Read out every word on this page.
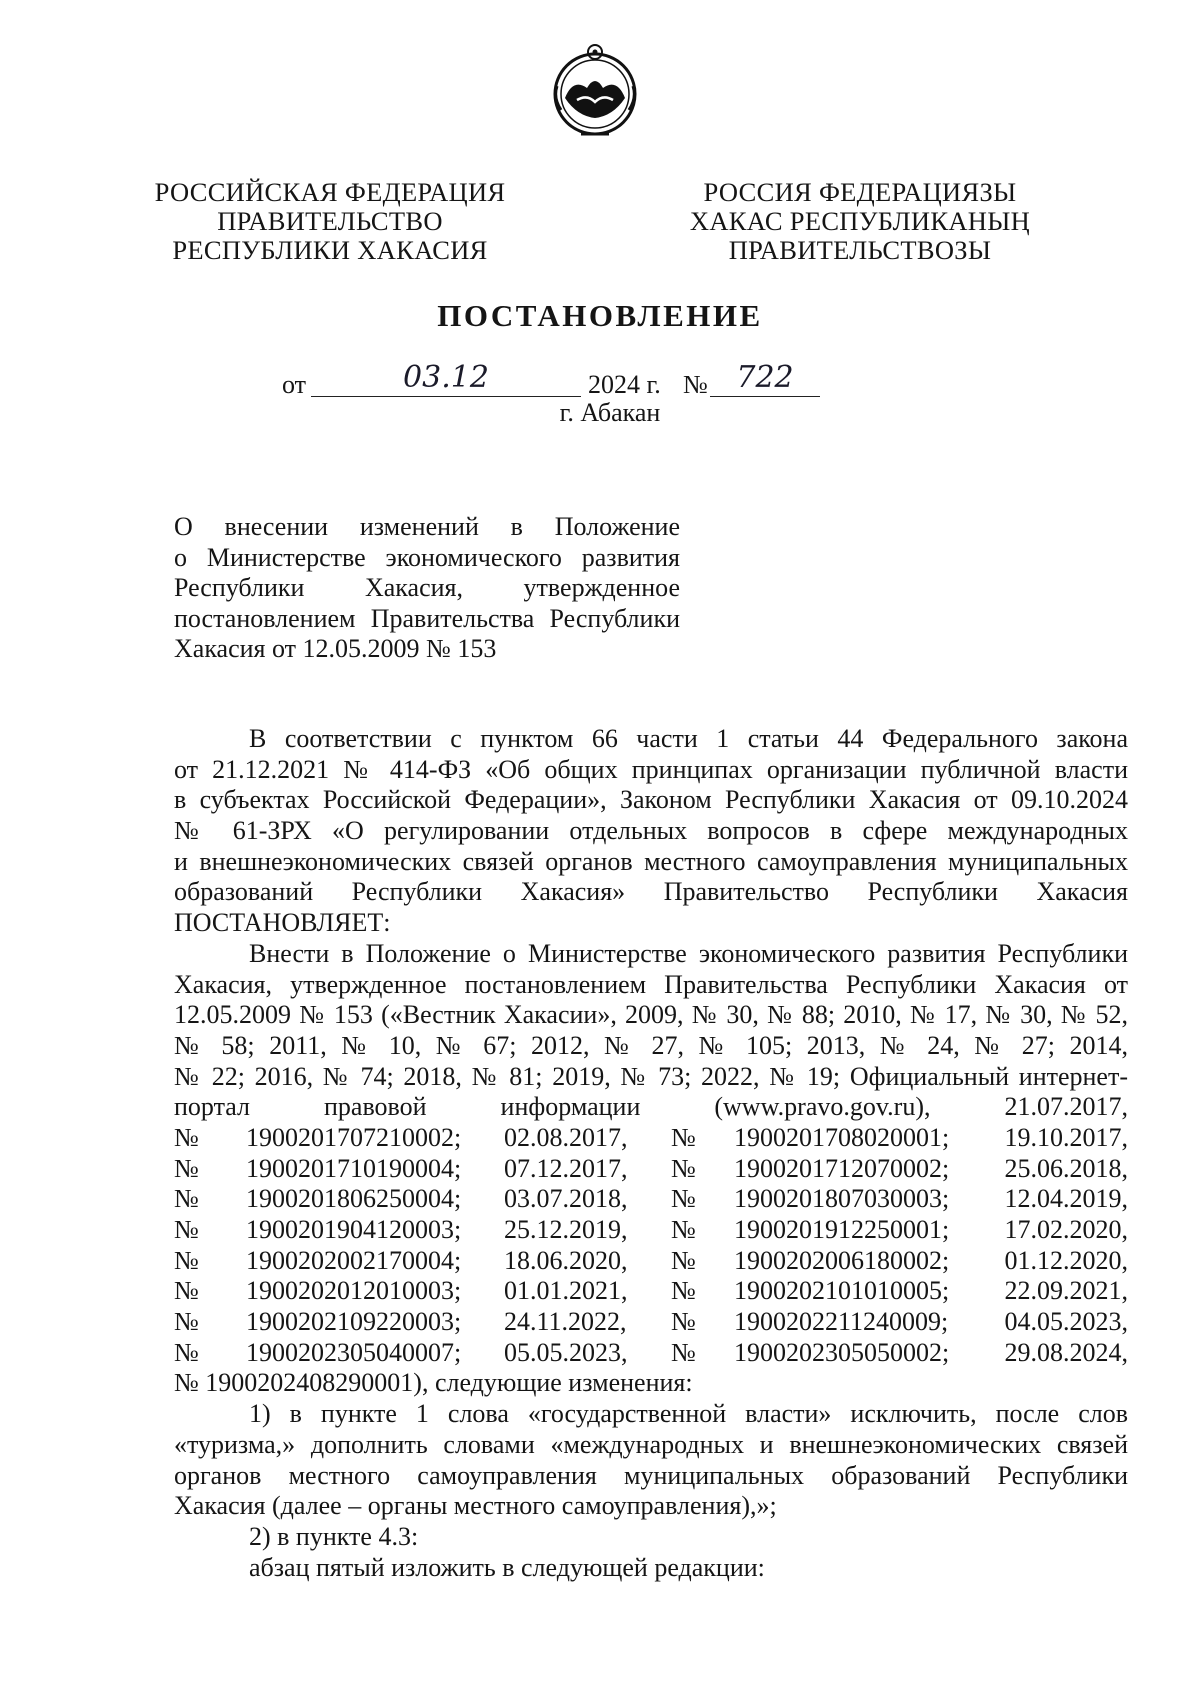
РОССИЙСКАЯ ФЕДЕРАЦИЯ
ПРАВИТЕЛЬСТВО
РЕСПУБЛИКИ ХАКАСИЯ
РОССИЯ ФЕДЕРАЦИЯЗЫ
ХАКАС РЕСПУБЛИКАНЫҢ
ПРАВИТЕЛЬСТВОЗЫ
ПОСТАНОВЛЕНИЕ
от	03.12	2024 г. № 722
г. Абакан
О внесении изменений в Положение
о Министерстве экономического развития
Республики Хакасия, утвержденное
постановлением Правительства Республики
Хакасия от 12.05.2009 № 153
В соответствии с пунктом 66 части 1 статьи 44 Федерального закона
от 21.12.2021 № 414-ФЗ «Об общих принципах организации публичной власти
в субъектах Российской Федерации», Законом Республики Хакасия от 09.10.2024
№ 61-ЗРХ «О регулировании отдельных вопросов в сфере международных
и внешнеэкономических связей органов местного самоуправления муниципальных
образований Республики Хакасия» Правительство Республики Хакасия
ПОСТАНОВЛЯЕТ:
Внести в Положение о Министерстве экономического развития Республики
Хакасия, утвержденное постановлением Правительства Республики Хакасия от
12.05.2009 № 153 («Вестник Хакасии», 2009, № 30, № 88; 2010, № 17, № 30, № 52,
№ 58; 2011, № 10, № 67; 2012, № 27, № 105; 2013, № 24, № 27; 2014,
№ 22; 2016, № 74; 2018, № 81; 2019, № 73; 2022, № 19; Официальный интернет-
портал правовой информации (www.pravo.gov.ru), 21.07.2017,
№ 1900201707210002; 02.08.2017, № 1900201708020001; 19.10.2017,
№ 1900201710190004; 07.12.2017, № 1900201712070002; 25.06.2018,
№ 1900201806250004; 03.07.2018, № 1900201807030003; 12.04.2019,
№ 1900201904120003; 25.12.2019, № 1900201912250001; 17.02.2020,
№ 1900202002170004; 18.06.2020, № 1900202006180002; 01.12.2020,
№ 1900202012010003; 01.01.2021, № 1900202101010005; 22.09.2021,
№ 1900202109220003; 24.11.2022, № 1900202211240009; 04.05.2023,
№ 1900202305040007; 05.05.2023, № 1900202305050002; 29.08.2024,
№ 1900202408290001), следующие изменения:
1) в пункте 1 слова «государственной власти» исключить, после слов
«туризма,» дополнить словами «международных и внешнеэкономических связей
органов местного самоуправления муниципальных образований Республики
Хакасия (далее – органы местного самоуправления),»;
2) в пункте 4.3:
абзац пятый изложить в следующей редакции:
